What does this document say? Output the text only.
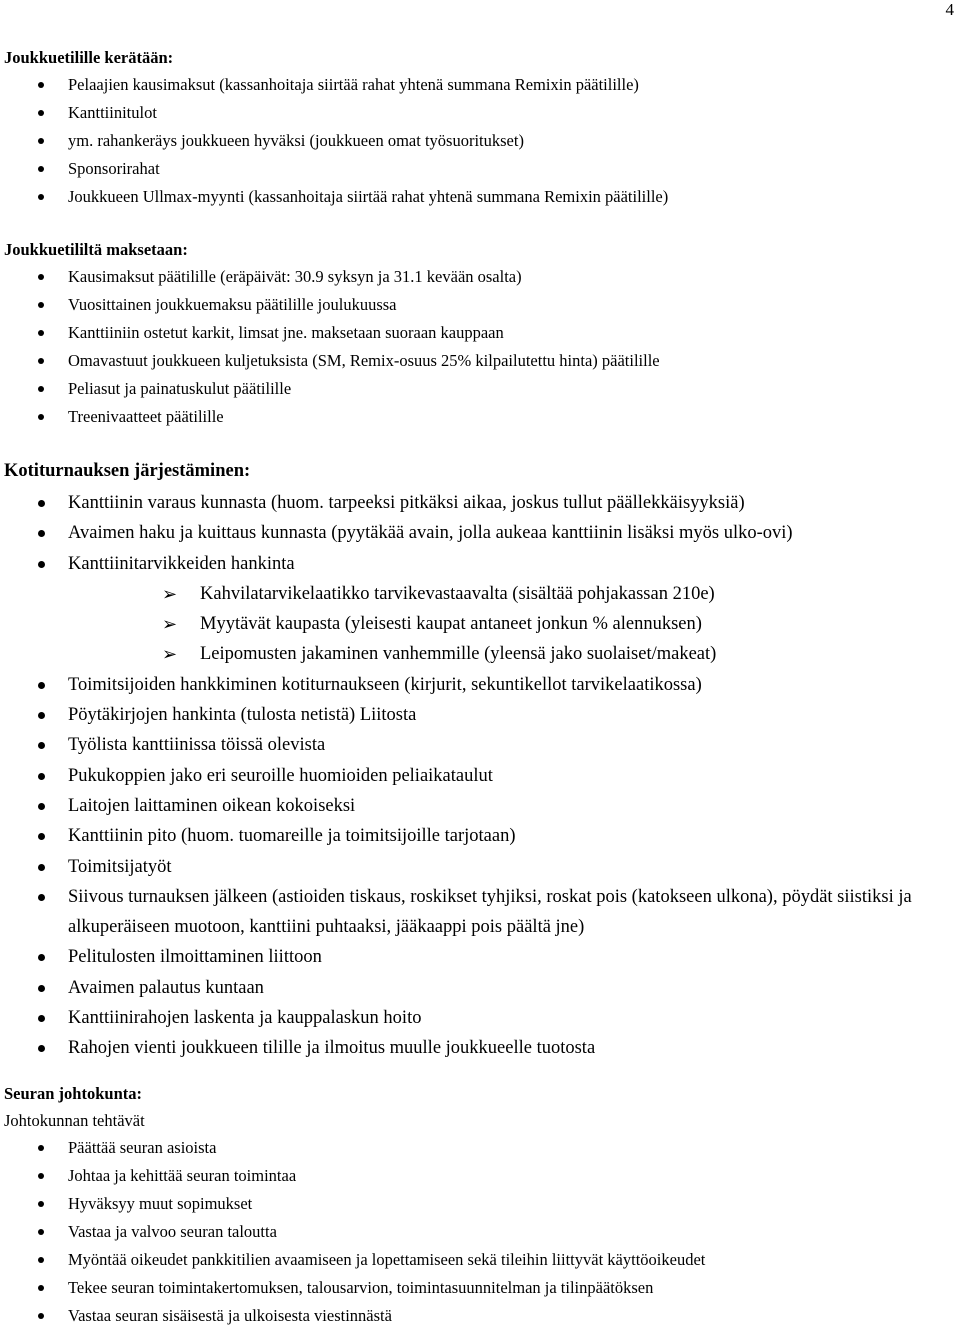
4

Joukkuetilille kerätään:

Pelaajien kausimaksut (kassanhoitaja siirtää rahat yhtenä summana Remixin päätilille)
Kanttiinitulot
ym. rahankeräys joukkueen hyväksi (joukkueen omat työsuoritukset)
Sponsorirahat
Joukkueen Ullmax-myynti (kassanhoitaja siirtää rahat yhtenä summana Remixin päätilille)

Joukkuetililtä maksetaan:

Kausimaksut päätilille (eräpäivät: 30.9 syksyn ja 31.1 kevään osalta)
Vuosittainen joukkuemaksu päätilille joulukuussa
Kanttiiniin ostetut karkit, limsat jne. maksetaan suoraan kauppaan
Omavastuut joukkueen kuljetuksista (SM, Remix-osuus 25% kilpailutettu hinta) päätilille
Peliasut ja painatuskulut päätilille
Treenivaatteet päätilille

Kotiturnauksen järjestäminen:

Kanttiinin varaus kunnasta (huom. tarpeeksi pitkäksi aikaa, joskus tullut päällekkäisyyksiä)
Avaimen haku ja kuittaus kunnasta (pyytäkää avain, jolla aukeaa kanttiinin lisäksi myös ulko-ovi)
Kanttiinitarvikkeiden hankinta
➢ Kahvilatarvikelaatikko tarvikevastaavalta (sisältää pohjakassan 210e)
➢ Myytävät kaupasta (yleisesti kaupat antaneet jonkun % alennuksen)
➢ Leipomusten jakaminen vanhemmille (yleensä jako suolaiset/makeat)
Toimitsijoiden hankkiminen kotiturnaukseen (kirjurit, sekuntikellot tarvikelaatikossa)
Pöytäkirjojen hankinta (tulosta netistä) Liitosta
Työlista kanttiinissa töissä olevista
Pukukoppien jako eri seuroille huomioiden peliaikataulut
Laitojen laittaminen oikean kokoiseksi
Kanttiinin pito (huom. tuomareille ja toimitsijoille tarjotaan)
Toimitsijatyöt
Siivous turnauksen jälkeen (astioiden tiskaus, roskikset tyhjiksi, roskat pois (katokseen ulkona), pöydät siistiksi ja alkuperäiseen muotoon, kanttiini puhtaaksi, jääkaappi pois päältä jne)
Pelitulosten ilmoittaminen liittoon
Avaimen palautus kuntaan
Kanttiinirahojen laskenta ja kauppalaskun hoito
Rahojen vienti joukkueen tilille ja ilmoitus muulle joukkueelle tuotosta

Seuran johtokunta:

Johtokunnan tehtävät

Päättää seuran asioista
Johtaa ja kehittää seuran toimintaa
Hyväksyy muut sopimukset
Vastaa ja valvoo seuran taloutta
Myöntää oikeudet pankkitilien avaamiseen ja lopettamiseen sekä tileihin liittyvät käyttöoikeudet
Tekee seuran toimintakertomuksen, talousarvion, toimintasuunnitelman ja tilinpäätöksen
Vastaa seuran sisäisestä ja ulkoisesta viestinnästä
